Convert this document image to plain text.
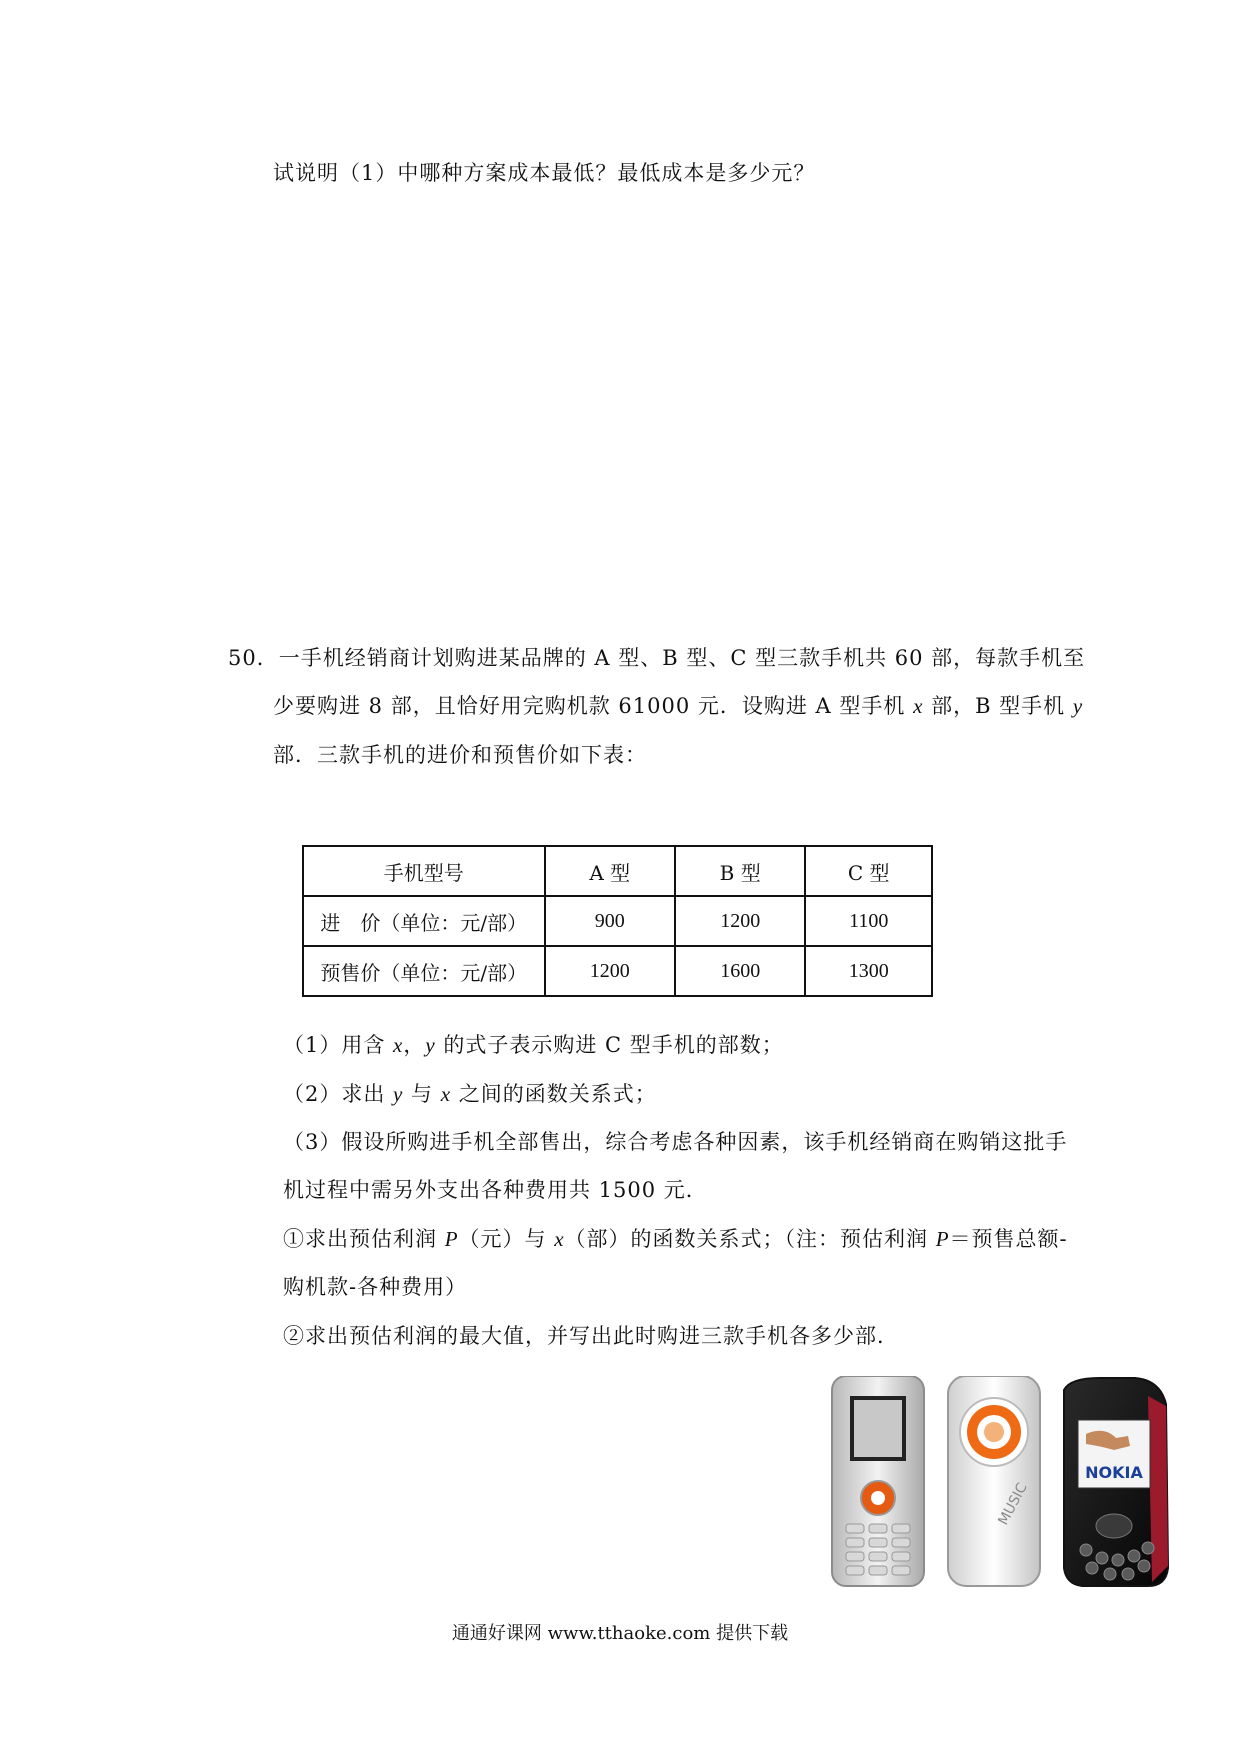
试说明（1）中哪种方案成本最低？最低成本是多少元？
50．一手机经销商计划购进某品牌的 A 型、B 型、C 型三款手机共 60 部，每款手机至
少要购进 8 部，且恰好用完购机款 61000 元．设购进 A 型手机 x 部，B 型手机 y
部．三款手机的进价和预售价如下表：
手机型号	A 型	B 型	C 型
进　价（单位：元/部）	900	1200	1100
预售价（单位：元/部）	1200	1600	1300
（1）用含 x，y 的式子表示购进 C 型手机的部数；
（2）求出 y 与 x 之间的函数关系式；
（3）假设所购进手机全部售出，综合考虑各种因素，该手机经销商在购销这批手
机过程中需另外支出各种费用共 1500 元．
①求出预估利润 P（元）与 x（部）的函数关系式；（注：预估利润 P＝预售总额-
购机款-各种费用）
②求出预估利润的最大值，并写出此时购进三款手机各多少部．
MUSIC
NOKIA
通通好课网 www.tthaoke.com 提供下载
